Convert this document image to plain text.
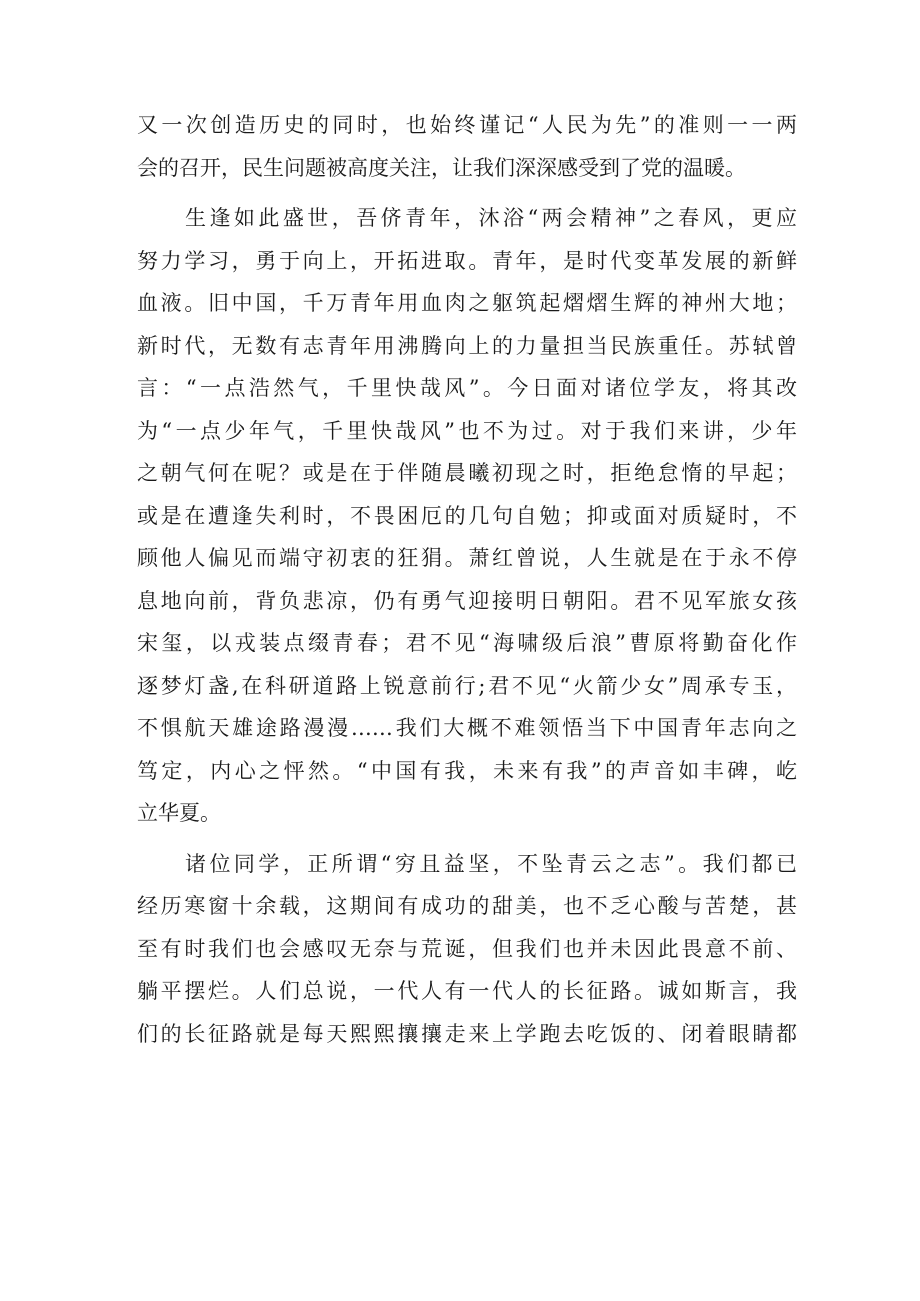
又一次创造历史的同时，也始终谨记“人民为先”的准则一一两
会的召开，民生问题被高度关注，让我们深深感受到了党的温暖。
生逢如此盛世，吾侪青年，沐浴“两会精神”之春风，更应
努力学习，勇于向上，开拓进取。青年，是时代变革发展的新鲜
血液。旧中国，千万青年用血肉之躯筑起熠熠生辉的神州大地；
新时代，无数有志青年用沸腾向上的力量担当民族重任。苏轼曾
言：“一点浩然气，千里快哉风”。今日面对诸位学友，将其改
为“一点少年气，千里快哉风”也不为过。对于我们来讲，少年
之朝气何在呢？或是在于伴随晨曦初现之时，拒绝怠惰的早起；
或是在遭逢失利时，不畏困厄的几句自勉；抑或面对质疑时，不
顾他人偏见而端守初衷的狂狷。萧红曾说，人生就是在于永不停
息地向前，背负悲凉，仍有勇气迎接明日朝阳。君不见军旅女孩
宋玺，以戎装点缀青春；君不见“海啸级后浪”曹原将勤奋化作
逐梦灯盏,在科研道路上锐意前行;君不见“火箭少女”周承专玉，
不惧航天雄途路漫漫……我们大概不难领悟当下中国青年志向之
笃定，内心之怦然。“中国有我，未来有我”的声音如丰碑，屹
立华夏。
诸位同学，正所谓“穷且益坚，不坠青云之志”。我们都已
经历寒窗十余载，这期间有成功的甜美，也不乏心酸与苦楚，甚
至有时我们也会感叹无奈与荒诞，但我们也并未因此畏意不前、
躺平摆烂。人们总说，一代人有一代人的长征路。诚如斯言，我
们的长征路就是每天熙熙攘攘走来上学跑去吃饭的、闭着眼睛都
